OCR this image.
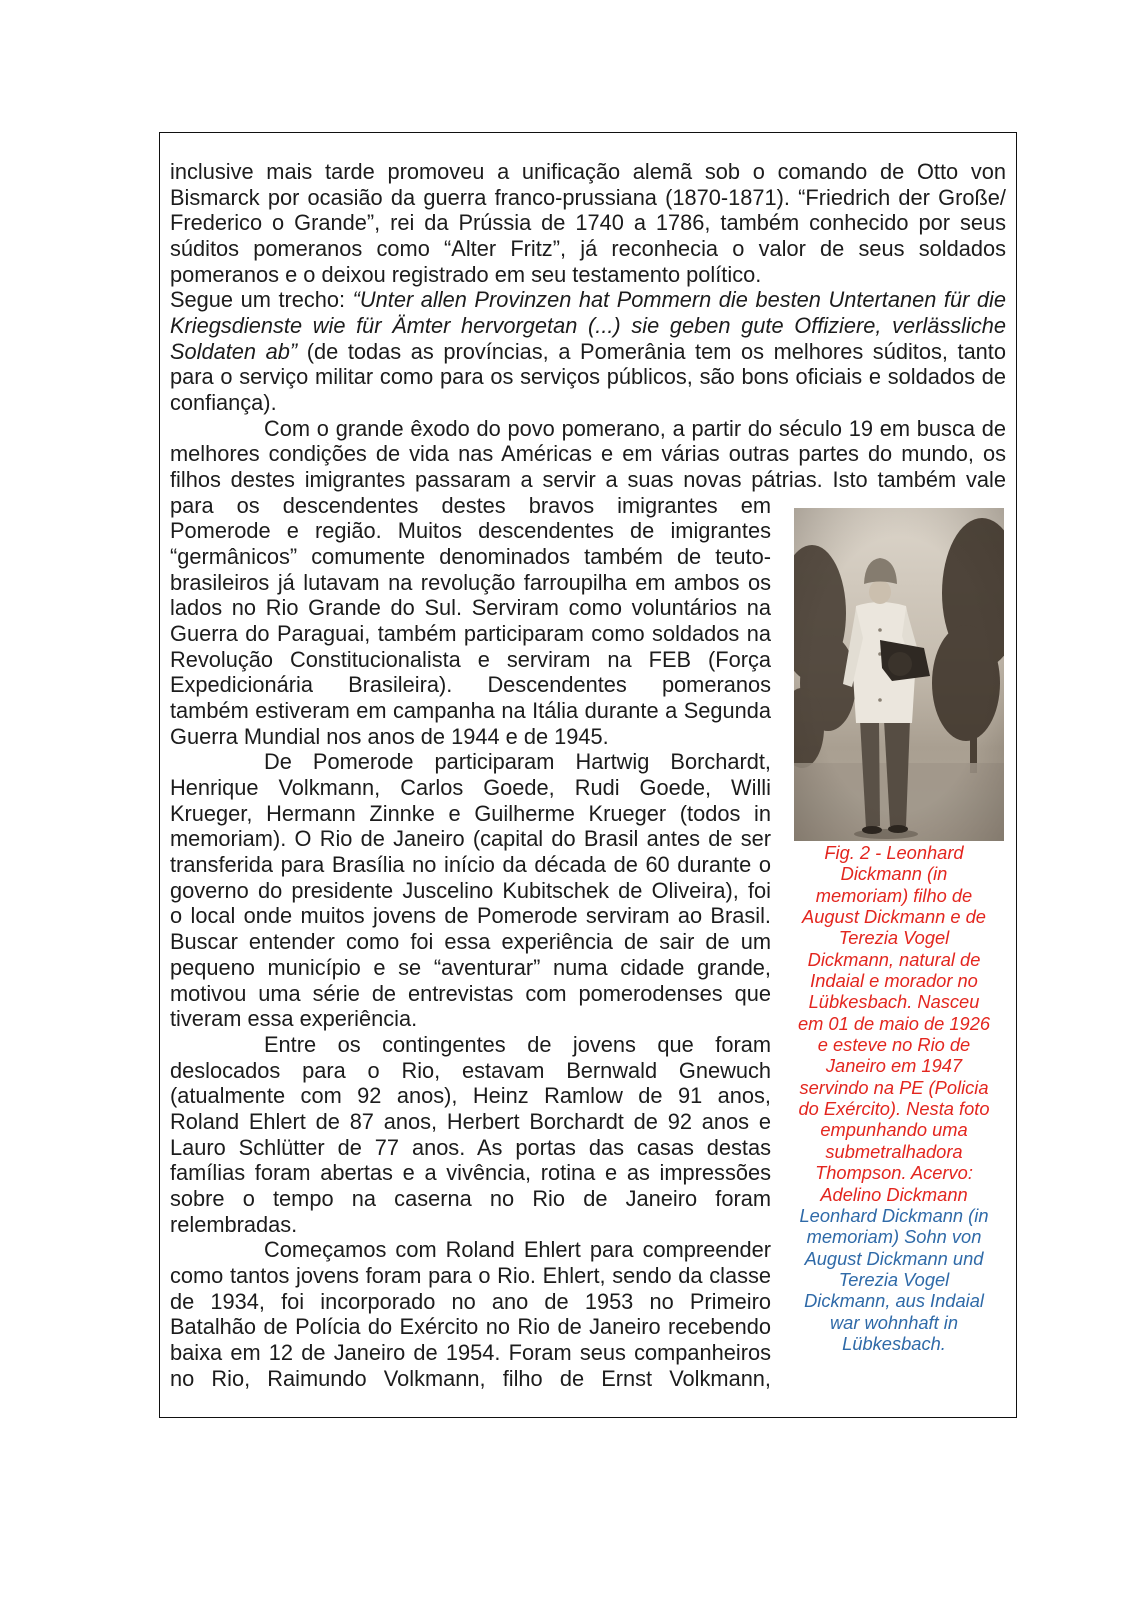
inclusive mais tarde promoveu a unificação alemã sob o comando de Otto von
Bismarck por ocasião da guerra franco-prussiana (1870-1871). “Friedrich der Große/
Frederico o Grande”, rei da Prússia de 1740 a 1786, também conhecido por seus
súditos pomeranos como “Alter Fritz”, já reconhecia o valor de seus soldados
pomeranos e o deixou registrado em seu testamento político.
Segue um trecho: “Unter allen Provinzen hat Pommern die besten Untertanen für die
Kriegsdienste wie für Ämter hervorgetan (...) sie geben gute Offiziere, verlässliche
Soldaten ab” (de todas as províncias, a Pomerânia tem os melhores súditos, tanto
para o serviço militar como para os serviços públicos, são bons oficiais e soldados de
confiança).
Com o grande êxodo do povo pomerano, a partir do século 19 em busca de
melhores condições de vida nas Américas e em várias outras partes do mundo, os
filhos destes imigrantes passaram a servir a suas novas pátrias. Isto também vale
para os descendentes destes bravos imigrantes em
Pomerode e região. Muitos descendentes de imigrantes
“germânicos” comumente denominados também de teuto-
brasileiros já lutavam na revolução farroupilha em ambos os
lados no Rio Grande do Sul. Serviram como voluntários na
Guerra do Paraguai, também participaram como soldados na
Revolução Constitucionalista e serviram na FEB (Força
Expedicionária Brasileira). Descendentes pomeranos
também estiveram em campanha na Itália durante a Segunda
Guerra Mundial nos anos de 1944 e de 1945.
De Pomerode participaram Hartwig Borchardt,
Henrique Volkmann, Carlos Goede, Rudi Goede, Willi
Krueger, Hermann Zinnke e Guilherme Krueger (todos in
memoriam). O Rio de Janeiro (capital do Brasil antes de ser
transferida para Brasília no início da década de 60 durante o
governo do presidente Juscelino Kubitschek de Oliveira), foi
o local onde muitos jovens de Pomerode serviram ao Brasil.
Buscar entender como foi essa experiência de sair de um
pequeno município e se “aventurar” numa cidade grande,
motivou uma série de entrevistas com pomerodenses que
tiveram essa experiência.
Entre os contingentes de jovens que foram
deslocados para o Rio, estavam Bernwald Gnewuch
(atualmente com 92 anos), Heinz Ramlow de 91 anos,
Roland Ehlert de 87 anos, Herbert Borchardt de 92 anos e
Lauro Schlütter de 77 anos. As portas das casas destas
famílias foram abertas e a vivência, rotina e as impressões
sobre o tempo na caserna no Rio de Janeiro foram
relembradas.
Começamos com Roland Ehlert para compreender
como tantos jovens foram para o Rio. Ehlert, sendo da classe
de 1934, foi incorporado no ano de 1953 no Primeiro
Batalhão de Polícia do Exército no Rio de Janeiro recebendo
baixa em 12 de Janeiro de 1954. Foram seus companheiros
no Rio, Raimundo Volkmann, filho de Ernst Volkmann,
Fig. 2 - Leonhard
Dickmann (in
memoriam) filho de
August Dickmann e de
Terezia Vogel
Dickmann, natural de
Indaial e morador no
Lübkesbach. Nasceu
em 01 de maio de 1926
e esteve no Rio de
Janeiro em 1947
servindo na PE (Policia
do Exército). Nesta foto
empunhando uma
submetralhadora
Thompson. Acervo:
Adelino Dickmann
Leonhard Dickmann (in
memoriam) Sohn von
August Dickmann und
Terezia Vogel
Dickmann, aus Indaial
war wohnhaft in
Lübkesbach.
